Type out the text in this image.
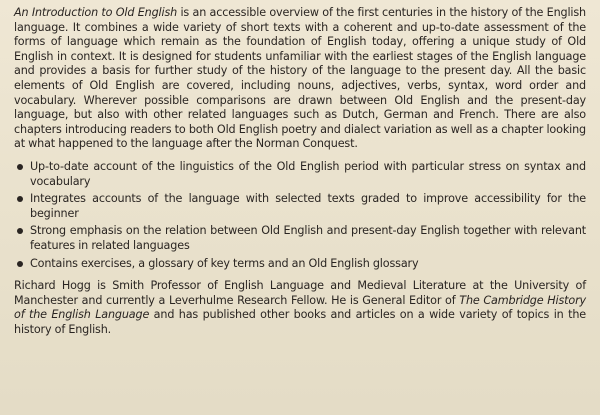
An Introduction to Old English is an accessible overview of the first centuries in the history of the English language. It combines a wide variety of short texts with a coherent and up-to-date assessment of the forms of language which remain as the foundation of English today, offering a unique study of Old English in context. It is designed for students unfamiliar with the earliest stages of the English language and provides a basis for further study of the history of the language to the present day. All the basic elements of Old English are covered, including nouns, adjectives, verbs, syntax, word order and vocabulary. Wherever possible comparisons are drawn between Old English and the present-day language, but also with other related languages such as Dutch, German and French. There are also chapters introducing readers to both Old English poetry and dialect variation as well as a chapter looking at what happened to the language after the Norman Conquest.

Up-to-date account of the linguistics of the Old English period with particular stress on syntax and vocabulary
Integrates accounts of the language with selected texts graded to improve accessibility for the beginner
Strong emphasis on the relation between Old English and present-day English together with relevant features in related languages
Contains exercises, a glossary of key terms and an Old English glossary

Richard Hogg is Smith Professor of English Language and Medieval Literature at the University of Manchester and currently a Leverhulme Research Fellow. He is General Editor of The Cambridge History of the English Language and has published other books and articles on a wide variety of topics in the history of English.
